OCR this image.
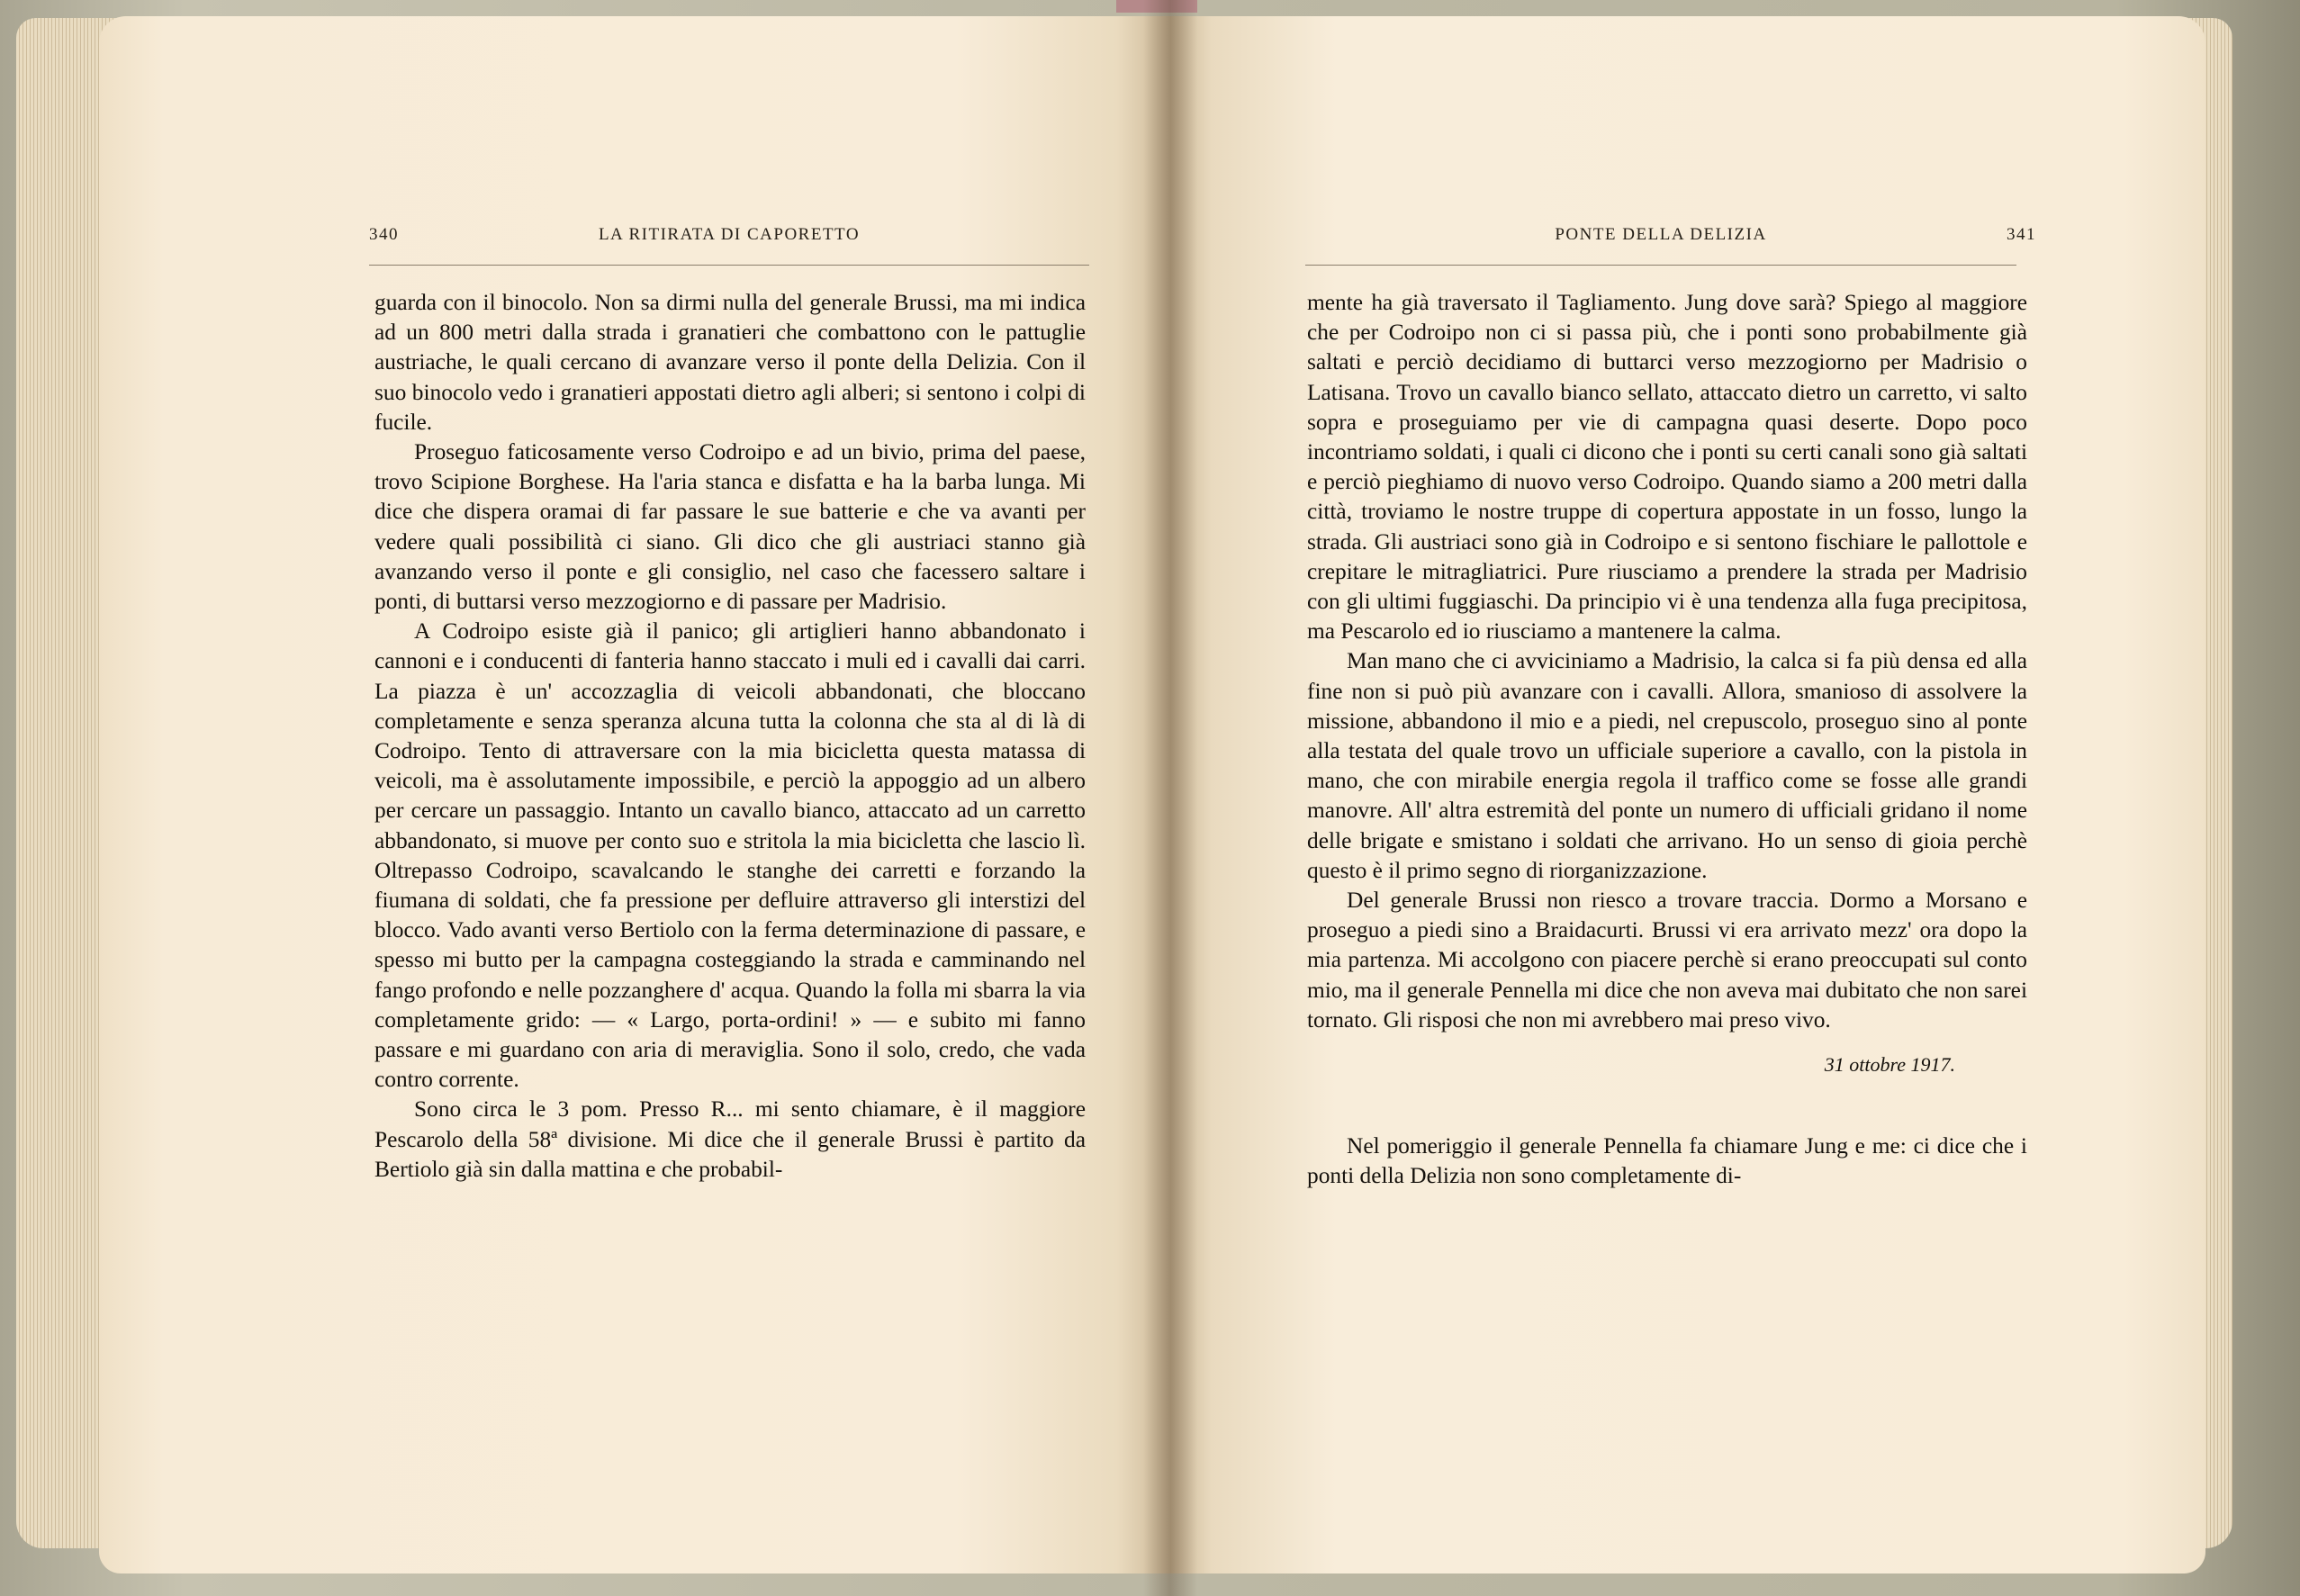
340	LA RITIRATA DI CAPORETTO

guarda con il binocolo. Non sa dirmi nulla del generale Brussi, ma mi indica ad un 800 metri dalla strada i granatieri che combattono con le pattuglie austriache, le quali cercano di avanzare verso il ponte della Delizia. Con il suo binocolo vedo i granatieri appostati dietro agli alberi; si sentono i colpi di fucile.

Proseguo faticosamente verso Codroipo e ad un bivio, prima del paese, trovo Scipione Borghese. Ha l'aria stanca e disfatta e ha la barba lunga. Mi dice che dispera oramai di far passare le sue batterie e che va avanti per vedere quali possibilità ci siano. Gli dico che gli austriaci stanno già avanzando verso il ponte e gli consiglio, nel caso che facessero saltare i ponti, di buttarsi verso mezzogiorno e di passare per Madrisio.

A Codroipo esiste già il panico; gli artiglieri hanno abbandonato i cannoni e i conducenti di fanteria hanno staccato i muli ed i cavalli dai carri. La piazza è un' accozzaglia di veicoli abbandonati, che bloccano completamente e senza speranza alcuna tutta la colonna che sta al di là di Codroipo. Tento di attraversare con la mia bicicletta questa matassa di veicoli, ma è assolutamente impossibile, e perciò la appoggio ad un albero per cercare un passaggio. Intanto un cavallo bianco, attaccato ad un carretto abbandonato, si muove per conto suo e stritola la mia bicicletta che lascio lì. Oltrepasso Codroipo, scavalcando le stanghe dei carretti e forzando la fiumana di soldati, che fa pressione per defluire attraverso gli interstizi del blocco. Vado avanti verso Bertiolo con la ferma determinazione di passare, e spesso mi butto per la campagna costeggiando la strada e camminando nel fango profondo e nelle pozzanghere d' acqua. Quando la folla mi sbarra la via completamente grido: — « Largo, porta-ordini! » — e subito mi fanno passare e mi guardano con aria di meraviglia. Sono il solo, credo, che vada contro corrente.

Sono circa le 3 pom. Presso R... mi sento chiamare, è il maggiore Pescarolo della 58ª divisione. Mi dice che il generale Brussi è partito da Bertiolo già sin dalla mattina e che probabil-

PONTE DELLA DELIZIA	341

mente ha già traversato il Tagliamento. Jung dove sarà? Spiego al maggiore che per Codroipo non ci si passa più, che i ponti sono probabilmente già saltati e perciò decidiamo di buttarci verso mezzogiorno per Madrisio o Latisana. Trovo un cavallo bianco sellato, attaccato dietro un carretto, vi salto sopra e proseguiamo per vie di campagna quasi deserte. Dopo poco incontriamo soldati, i quali ci dicono che i ponti su certi canali sono già saltati e perciò pieghiamo di nuovo verso Codroipo. Quando siamo a 200 metri dalla città, troviamo le nostre truppe di copertura appostate in un fosso, lungo la strada. Gli austriaci sono già in Codroipo e si sentono fischiare le pallottole e crepitare le mitragliatrici. Pure riusciamo a prendere la strada per Madrisio con gli ultimi fuggiaschi. Da principio vi è una tendenza alla fuga precipitosa, ma Pescarolo ed io riusciamo a mantenere la calma.

Man mano che ci avviciniamo a Madrisio, la calca si fa più densa ed alla fine non si può più avanzare con i cavalli. Allora, smanioso di assolvere la missione, abbandono il mio e a piedi, nel crepuscolo, proseguo sino al ponte alla testata del quale trovo un ufficiale superiore a cavallo, con la pistola in mano, che con mirabile energia regola il traffico come se fosse alle grandi manovre. All' altra estremità del ponte un numero di ufficiali gridano il nome delle brigate e smistano i soldati che arrivano. Ho un senso di gioia perchè questo è il primo segno di riorganizzazione.

Del generale Brussi non riesco a trovare traccia. Dormo a Morsano e proseguo a piedi sino a Braidacurti. Brussi vi era arrivato mezz' ora dopo la mia partenza. Mi accolgono con piacere perchè si erano preoccupati sul conto mio, ma il generale Pennella mi dice che non aveva mai dubitato che non sarei tornato. Gli risposi che non mi avrebbero mai preso vivo.

31 ottobre 1917.

Nel pomeriggio il generale Pennella fa chiamare Jung e me: ci dice che i ponti della Delizia non sono completamente di-
